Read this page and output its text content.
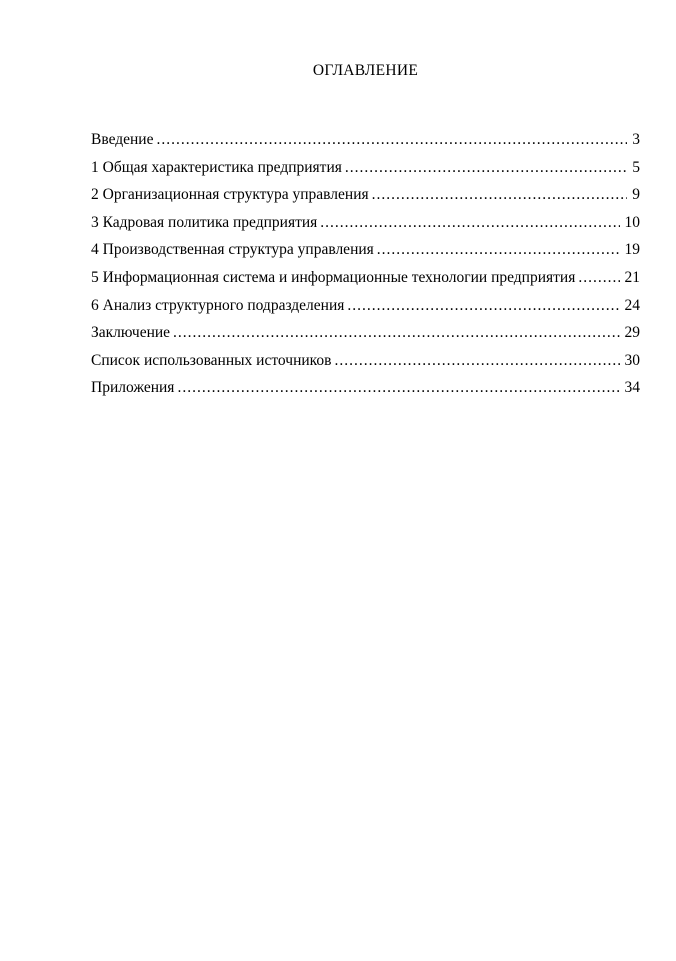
ОГЛАВЛЕНИЕ
Введение .....	3
1 Общая характеристика предприятия .....	5
2 Организационная структура управления .....	9
3 Кадровая политика предприятия .....	10
4 Производственная структура управления .....	19
5 Информационная система и информационные технологии предприятия .....	21
6 Анализ структурного подразделения .....	24
Заключение .....	29
Список использованных источников .....	30
Приложения .....	34
